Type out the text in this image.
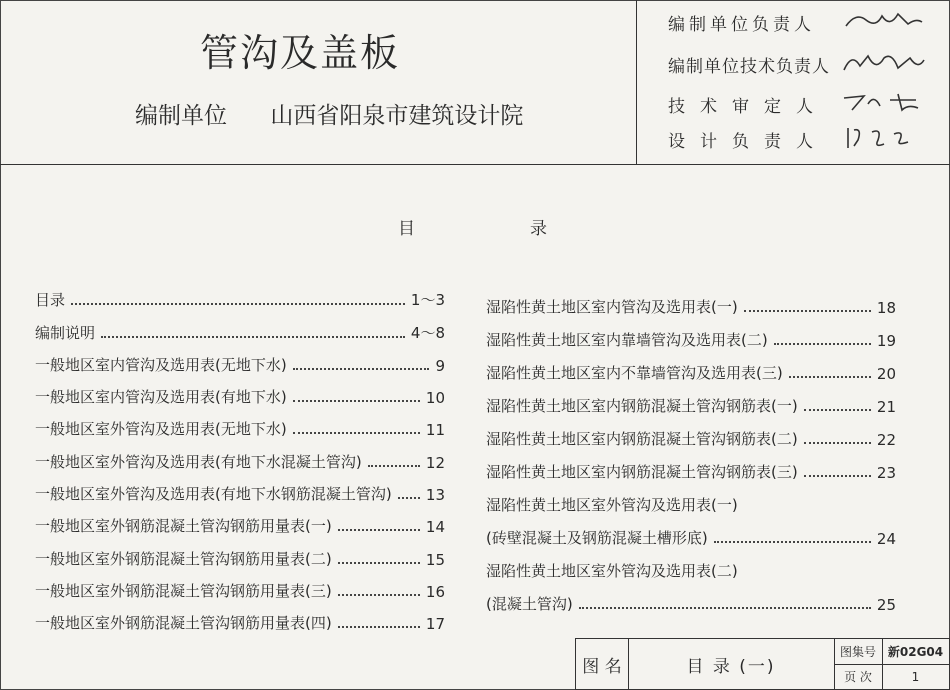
管沟及盖板
编制单位 山西省阳泉市建筑设计院
编制单位负责人
编制单位技术负责人
技术审定人
设计负责人
目	录
目录	1～3
编制说明	4～8
一般地区室内管沟及选用表(无地下水)	9
一般地区室内管沟及选用表(有地下水)	10
一般地区室外管沟及选用表(无地下水)	11
一般地区室外管沟及选用表(有地下水混凝土管沟)	12
一般地区室外管沟及选用表(有地下水钢筋混凝土管沟) 13
一般地区室外钢筋混凝土管沟钢筋用量表(一)	14
一般地区室外钢筋混凝土管沟钢筋用量表(二)	15
一般地区室外钢筋混凝土管沟钢筋用量表(三)	16
一般地区室外钢筋混凝土管沟钢筋用量表(四)	17
湿陷性黄土地区室内管沟及选用表(一)	18
湿陷性黄土地区室内靠墙管沟及选用表(二)	19
湿陷性黄土地区室内不靠墙管沟及选用表(三)	20
湿陷性黄土地区室内钢筋混凝土管沟钢筋表(一)	21
湿陷性黄土地区室内钢筋混凝土管沟钢筋表(二)	22
湿陷性黄土地区室内钢筋混凝土管沟钢筋表(三)	23
湿陷性黄土地区室外管沟及选用表(一)
(砖壁混凝土及钢筋混凝土槽形底)	24
湿陷性黄土地区室外管沟及选用表(二)
(混凝土管沟)	25
图 名	目 录 (一)
图集号 新02G04
页 次	1
